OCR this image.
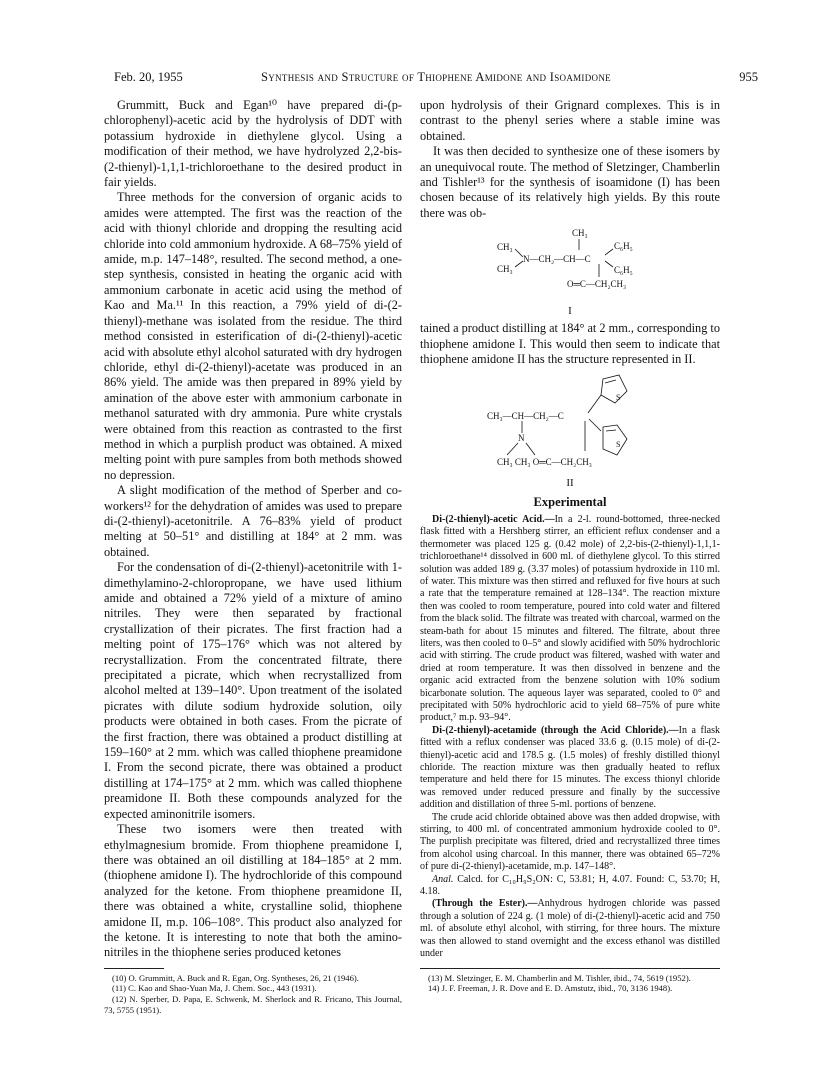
Feb. 20, 1955	Synthesis and Structure of Thiophene Amidone and Isoamidone	955

Grummitt, Buck and Egan¹⁰ have prepared di-(p-chlorophenyl)-acetic acid by the hydrolysis of DDT with potassium hydroxide in diethylene glycol. Using a modification of their method, we have hydrolyzed 2,2-bis-(2-thienyl)-1,1,1-trichloroethane to the desired product in fair yields.

Three methods for the conversion of organic acids to amides were attempted. The first was the reaction of the acid with thionyl chloride and dropping the resulting acid chloride into cold ammonium hydroxide. A 68–75% yield of amide, m.p. 147–148°, resulted. The second method, a one-step synthesis, consisted in heating the organic acid with ammonium carbonate in acetic acid using the method of Kao and Ma.¹¹ In this reaction, a 79% yield of di-(2-thienyl)-methane was isolated from the residue. The third method consisted in esterification of di-(2-thienyl)-acetic acid with absolute ethyl alcohol saturated with dry hydrogen chloride, ethyl di-(2-thienyl)-acetate was produced in an 86% yield. The amide was then prepared in 89% yield by amination of the above ester with ammonium carbonate in methanol saturated with dry ammonia. Pure white crystals were obtained from this reaction as contrasted to the first method in which a purplish product was obtained. A mixed melting point with pure samples from both methods showed no depression.

A slight modification of the method of Sperber and co-workers¹² for the dehydration of amides was used to prepare di-(2-thienyl)-acetonitrile. A 76–83% yield of product melting at 50–51° and distilling at 184° at 2 mm. was obtained.

For the condensation of di-(2-thienyl)-acetonitrile with 1-dimethylamino-2-chloropropane, we have used lithium amide and obtained a 72% yield of a mixture of amino nitriles. They were then separated by fractional crystallization of their picrates. The first fraction had a melting point of 175–176° which was not altered by recrystallization. From the concentrated filtrate, there precipitated a picrate, which when recrystallized from alcohol melted at 139–140°. Upon treatment of the isolated picrates with dilute sodium hydroxide solution, oily products were obtained in both cases. From the picrate of the first fraction, there was obtained a product distilling at 159–160° at 2 mm. which was called thiophene preamidone I. From the second picrate, there was obtained a product distilling at 174–175° at 2 mm. which was called thiophene preamidone II. Both these compounds analyzed for the expected aminonitrile isomers.

These two isomers were then treated with ethylmagnesium bromide. From thiophene preamidone I, there was obtained an oil distilling at 184–185° at 2 mm. (thiophene amidone I). The hydrochloride of this compound analyzed for the ketone. From thiophene preamidone II, there was obtained a white, crystalline solid, thiophene amidone II, m.p. 106–108°. This product also analyzed for the ketone. It is interesting to note that both the amino-nitriles in the thiophene series produced ketones

(10) O. Grummitt, A. Buck and R. Egan, Org. Syntheses, 26, 21 (1946).

(11) C. Kao and Shao-Yuan Ma, J. Chem. Soc., 443 (1931).

(12) N. Sperber, D. Papa, E. Schwenk, M. Sherlock and R. Fricano, This Journal, 73, 5755 (1951).

upon hydrolysis of their Grignard complexes. This is in contrast to the phenyl series where a stable imine was obtained.

It was then decided to synthesize one of these isomers by an unequivocal route. The method of Sletzinger, Chamberlin and Tishler¹³ for the synthesis of isoamidone (I) has been chosen because of its relatively high yields. By this route there was ob-

CH₃
CH₃
CH₃
N—CH₂—CH—C
C₆H₅
C₆H₅
O═C—CH₂CH₃
I

tained a product distilling at 184° at 2 mm., corresponding to thiophene amidone I. This would then seem to indicate that thiophene amidone II has the structure represented in II.

S
S
CH₃—CH—CH₂—C
N
CH₃ CH₃ O═C—CH₂CH₃
II
Experimental

Di-(2-thienyl)-acetic Acid.—In a 2-l. round-bottomed, three-necked flask fitted with a Hershberg stirrer, an efficient reflux condenser and a thermometer was placed 125 g. (0.42 mole) of 2,2-bis-(2-thienyl)-1,1,1-trichloroethane¹⁴ dissolved in 600 ml. of diethylene glycol. To this stirred solution was added 189 g. (3.37 moles) of potassium hydroxide in 110 ml. of water. This mixture was then stirred and refluxed for five hours at such a rate that the temperature remained at 128–134°. The reaction mixture then was cooled to room temperature, poured into cold water and filtered from the black solid. The filtrate was treated with charcoal, warmed on the steam-bath for about 15 minutes and filtered. The filtrate, about three liters, was then cooled to 0–5° and slowly acidified with 50% hydrochloric acid with stirring. The crude product was filtered, washed with water and dried at room temperature. It was then dissolved in benzene and the organic acid extracted from the benzene solution with 10% sodium bicarbonate solution. The aqueous layer was separated, cooled to 0° and precipitated with 50% hydrochloric acid to yield 68–75% of pure white product,⁷ m.p. 93–94°.

Di-(2-thienyl)-acetamide (through the Acid Chloride).—In a flask fitted with a reflux condenser was placed 33.6 g. (0.15 mole) of di-(2-thienyl)-acetic acid and 178.5 g. (1.5 moles) of freshly distilled thionyl chloride. The reaction mixture was then gradually heated to reflux temperature and held there for 15 minutes. The excess thionyl chloride was removed under reduced pressure and finally by the successive addition and distillation of three 5-ml. portions of benzene.

The crude acid chloride obtained above was then added dropwise, with stirring, to 400 ml. of concentrated ammonium hydroxide cooled to 0°. The purplish precipitate was filtered, dried and recrystallized three times from alcohol using charcoal. In this manner, there was obtained 65–72% of pure di-(2-thienyl)-acetamide, m.p. 147–148°.

Anal. Calcd. for C₁₀H₉S₂ON: C, 53.81; H, 4.07. Found: C, 53.70; H, 4.18.

(Through the Ester).—Anhydrous hydrogen chloride was passed through a solution of 224 g. (1 mole) of di-(2-thienyl)-acetic acid and 750 ml. of absolute ethyl alcohol, with stirring, for three hours. The mixture was then allowed to stand overnight and the excess ethanol was distilled under

(13) M. Sletzinger, E. M. Chamberlin and M. Tishler, ibid., 74, 5619 (1952).

14) J. F. Freeman, J. R. Dove and E. D. Amstutz, ibid., 70, 3136 1948).
